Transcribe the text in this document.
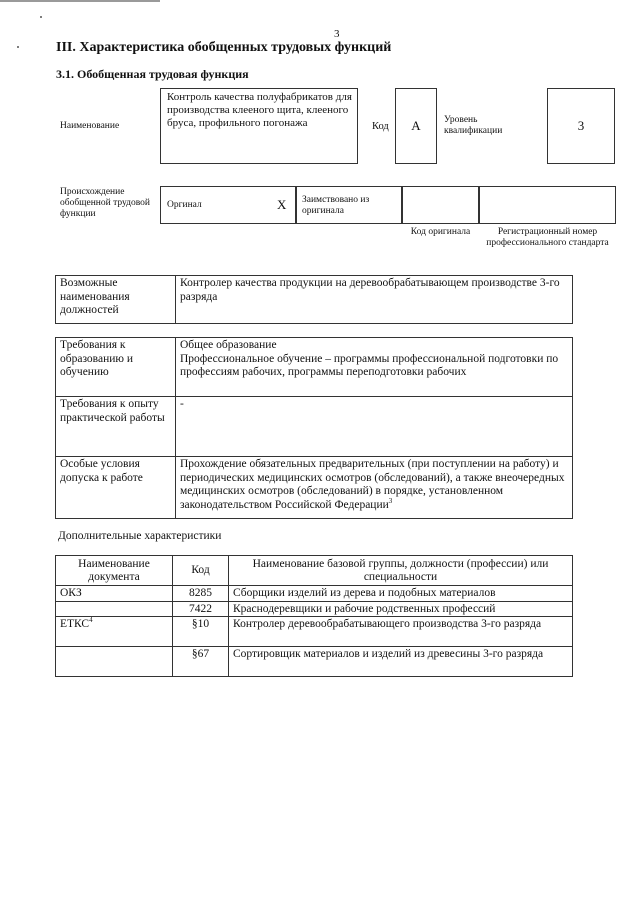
3
III. Характеристика обобщенных трудовых функций
3.1. Обобщенная трудовая функция
Наименование
Контроль качества полуфабрикатов для производства клееного щита, клееного бруса, профильного погонажа	Код	А	Уровень квалификации	3
Происхождение обобщенной трудовой функции
Оргинал	Х Заимствовано из оригинала
Код оригинала	Регистрационный номер профессионального стандарта
Возможные наименования должностей	Контролер качества продукции на деревообрабатывающем производстве 3-го разряда
Требования к образованию и обучению	Общее образование
Профессиональное обучение – программы профессиональной подготовки по профессиям рабочих, программы переподготовки рабочих

Требования к опыту практической работы	-
Особые условия допуска к работе	Прохождение обязательных предварительных (при поступлении на работу) и периодических медицинских осмотров (обследований), а также внеочередных медицинских осмотров (обследований) в порядке, установленном законодательством Российской Федерации$^3$
Дополнительные характеристики
Наименование документа	Код	Наименование базовой группы, должности (профессии) или специальности
ОКЗ	8285	Сборщики изделий из дерева и подобных материалов
	7422	Краснодеревщики и рабочие родственных профессий
ЕТКС$^4$	§10	Контролер деревообрабатывающего производства 3-го разряда
	§67	Сортировщик материалов и изделий из древесины 3-го разряда
